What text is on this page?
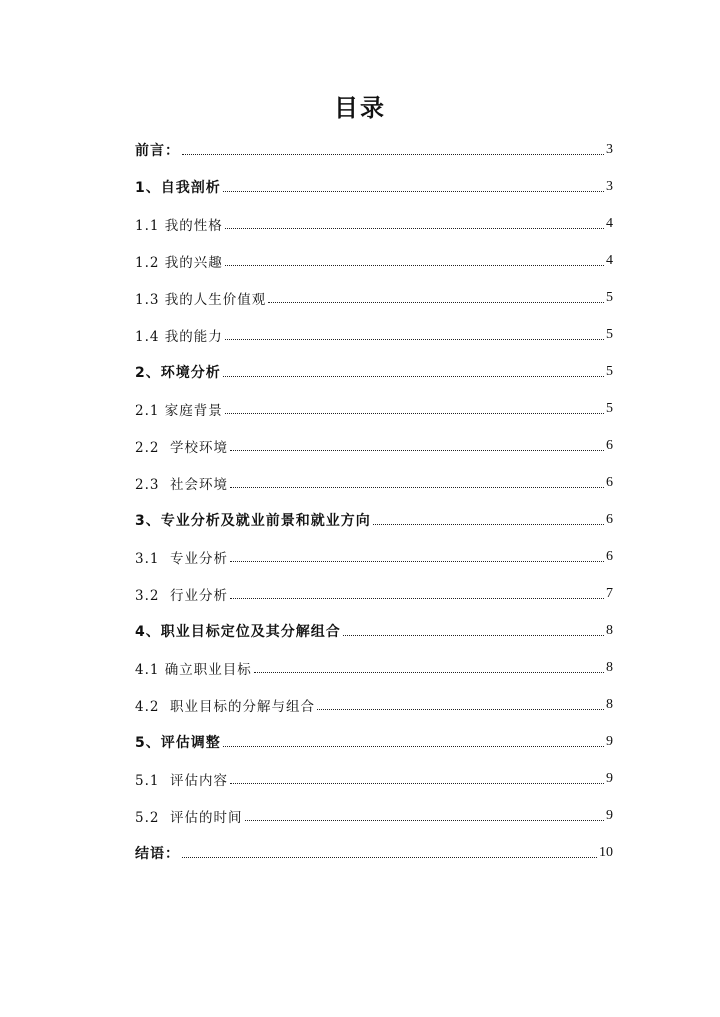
目录
前言：	3
1、自我剖析	3
1.1 我的性格	4
1.2 我的兴趣	4
1.3 我的人生价值观	5
1.4 我的能力	5
2、环境分析	5
2.1 家庭背景	5
2.2  学校环境	6
2.3  社会环境	6
3、专业分析及就业前景和就业方向	6
3.1  专业分析	6
3.2  行业分析	7
4、职业目标定位及其分解组合	8
4.1 确立职业目标	8
4.2  职业目标的分解与组合	8
5、评估调整	9
5.1  评估内容	9
5.2  评估的时间	9
结语：	10
